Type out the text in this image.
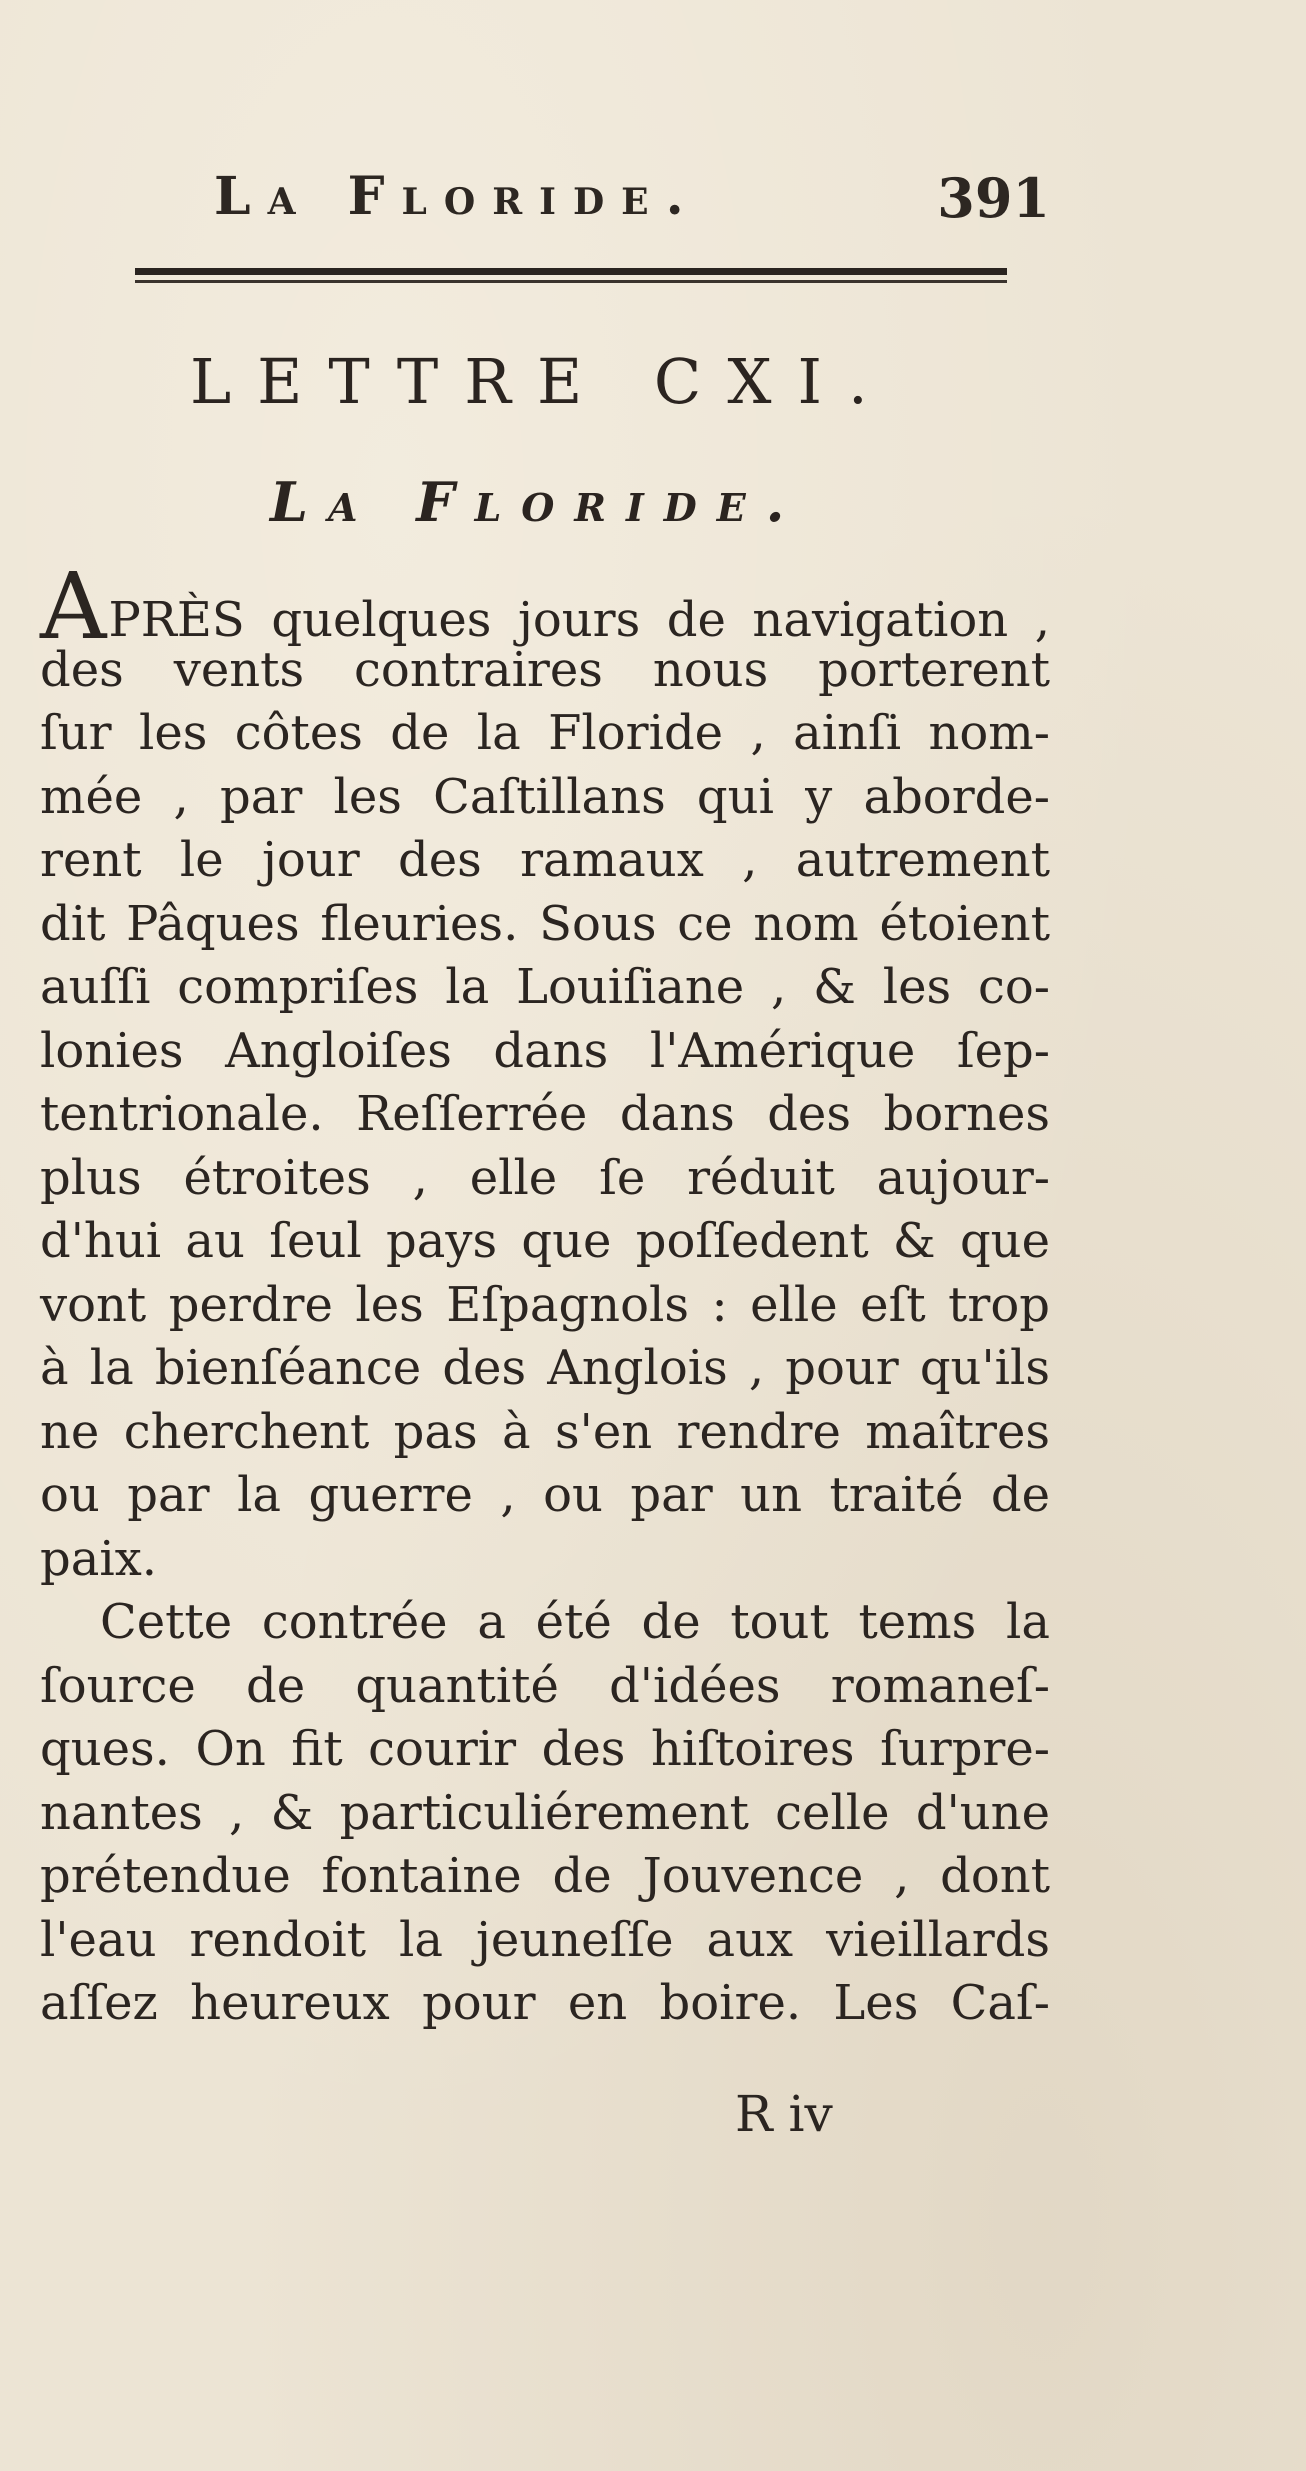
La Floride.	391
LETTRE CXI.
La Floride.
APRÈS quelques jours de navigation ,
des vents contraires nous porterent
ſur les côtes de la Floride , ainſi nom-
mée , par les Caſtillans qui y aborde-
rent le jour des ramaux , autrement
dit Pâques fleuries. Sous ce nom étoient
auſſi compriſes la Louiſiane , & les co-
lonies Angloiſes dans l'Amérique ſep-
tentrionale. Reſſerrée dans des bornes
plus étroites , elle ſe réduit aujour-
d'hui au ſeul pays que poſſedent & que
vont perdre les Eſpagnols : elle eſt trop
à la bienſéance des Anglois , pour qu'ils
ne cherchent pas à s'en rendre maîtres
ou par la guerre , ou par un traité de
paix.
Cette contrée a été de tout tems la
ſource de quantité d'idées romaneſ-
ques. On fit courir des hiſtoires ſurpre-
nantes , & particuliérement celle d'une
prétendue fontaine de Jouvence , dont
l'eau rendoit la jeuneſſe aux vieillards
aſſez heureux pour en boire. Les Caſ-
R iv
